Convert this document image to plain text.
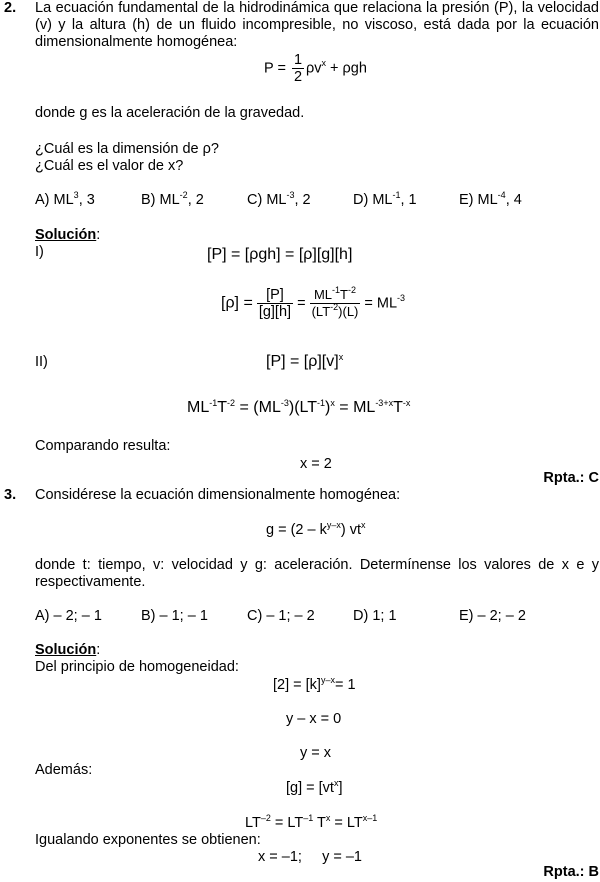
2. La ecuación fundamental de la hidrodinámica que relaciona la presión (P), la velocidad (v) y la altura (h) de un fluido incompresible, no viscoso, está dada por la ecuación dimensionalmente homogénea:
$P = \frac{1}{2} \rho v^x + \rho gh$
donde g es la aceleración de la gravedad.
¿Cuál es la dimensión de ρ?
¿Cuál es el valor de x?
A) $ML^3$, 3	B) $ML^{-2}$, 2	C) $ML^{-3}$, 2	D) $ML^{-1}$, 1	E) $ML^{-4}$, 4
Solución:
I)	[P] = [ρgh] = [ρ][g][h]
$[\rho] = \frac{[P]}{[g][h]} = \frac{ML^{-1}T^{-2}}{(LT^{-2})(L)} = ML^{-3}$
II)	$[P] = [\rho][v]^x$
$ML^{-1}T^{-2} = (ML^{-3})(LT^{-1})^x = ML^{-3+x}T^{-x}$
Comparando resulta:
x = 2
Rpta.: C
3. Considérese la ecuación dimensionalmente homogénea:
$g = (2 - k^{y-x})$ $vt^x$
donde t: tiempo, v: velocidad y g: aceleración. Determínense los valores de x e y respectivamente.
A) – 2; – 1	B) – 1; – 1	C) – 1; – 2	D) 1; 1	E) – 2; – 2
Solución:
Del principio de homogeneidad:
$[2] = [k]^{y-x}= 1$
y – x = 0
y = x
Además:
$[g] = [vt^x]$
$LT^{-2} = LT^{-1}$ $T^x = LT^{x-1}$
Igualando exponentes se obtienen:
x = –1;     y = –1
Rpta.: B
